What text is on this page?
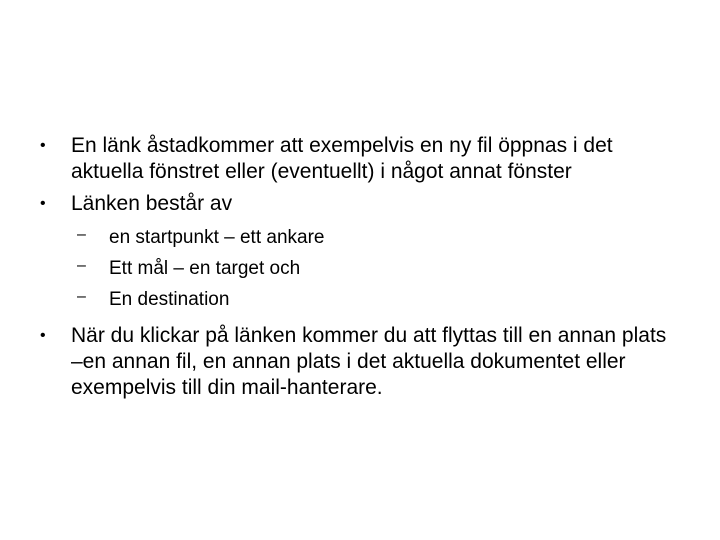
• En länk åstadkommer att exempelvis en ny fil öppnas i det aktuella fönstret eller (eventuellt) i något annat fönster
• Länken består av
– en startpunkt – ett ankare
– Ett mål – en target och
– En destination
• När du klickar på länken kommer du att flyttas till en annan plats –en annan fil, en annan plats i det aktuella dokumentet eller exempelvis till din mail-hanterare.
